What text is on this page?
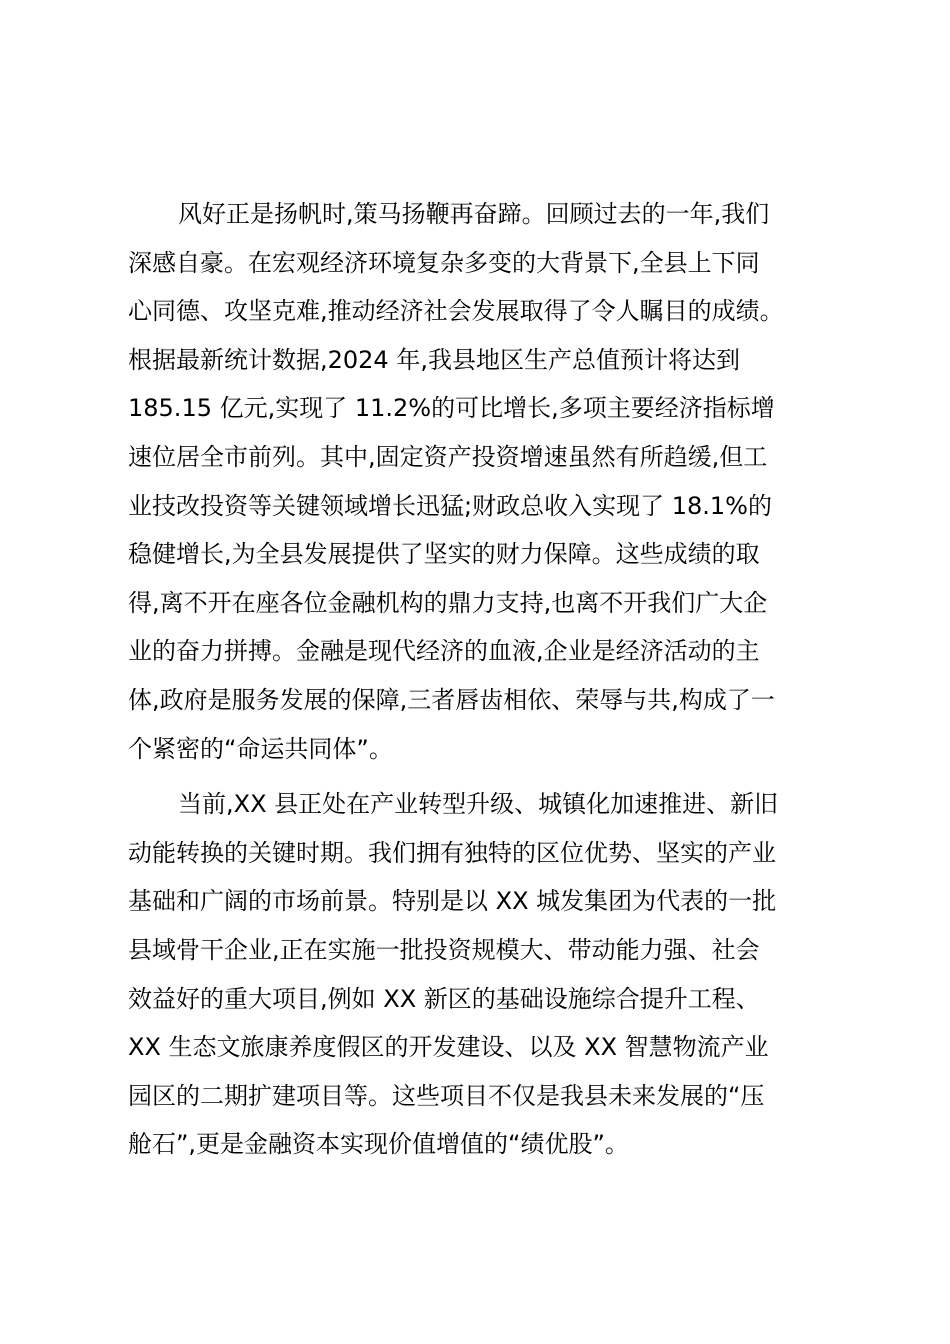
风好正是扬帆时,策马扬鞭再奋蹄。回顾过去的一年,我们
深感自豪。在宏观经济环境复杂多变的大背景下,全县上下同
心同德、攻坚克难,推动经济社会发展取得了令人瞩目的成绩。
根据最新统计数据,2024 年,我县地区生产总值预计将达到
185.15 亿元,实现了 11.2%的可比增长,多项主要经济指标增
速位居全市前列。其中,固定资产投资增速虽然有所趋缓,但工
业技改投资等关键领域增长迅猛;财政总收入实现了 18.1%的
稳健增长,为全县发展提供了坚实的财力保障。这些成绩的取
得,离不开在座各位金融机构的鼎力支持,也离不开我们广大企
业的奋力拼搏。金融是现代经济的血液,企业是经济活动的主
体,政府是服务发展的保障,三者唇齿相依、荣辱与共,构成了一
个紧密的“命运共同体”。
当前,XX 县正处在产业转型升级、城镇化加速推进、新旧
动能转换的关键时期。我们拥有独特的区位优势、坚实的产业
基础和广阔的市场前景。特别是以 XX 城发集团为代表的一批
县域骨干企业,正在实施一批投资规模大、带动能力强、社会
效益好的重大项目,例如 XX 新区的基础设施综合提升工程、
XX 生态文旅康养度假区的开发建设、以及 XX 智慧物流产业
园区的二期扩建项目等。这些项目不仅是我县未来发展的“压
舱石”,更是金融资本实现价值增值的“绩优股”。
